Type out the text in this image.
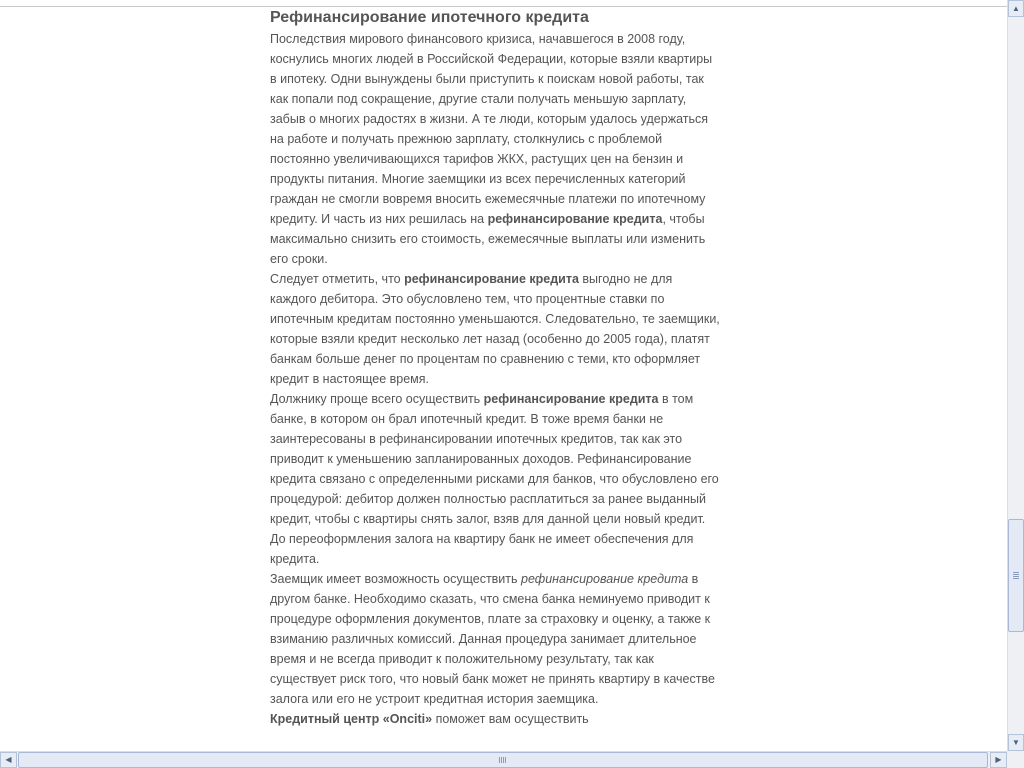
Рефинансирование ипотечного кредита

Последствия мирового финансового кризиса, начавшегося в 2008 году, коснулись многих людей в Российской Федерации, которые взяли квартиры в ипотеку. Одни вынуждены были приступить к поискам новой работы, так как попали под сокращение, другие стали получать меньшую зарплату, забыв о многих радостях в жизни. А те люди, которым удалось удержаться на работе и получать прежнюю зарплату, столкнулись с проблемой постоянно увеличивающихся тарифов ЖКХ, растущих цен на бензин и продукты питания. Многие заемщики из всех перечисленных категорий граждан не смогли вовремя вносить ежемесячные платежи по ипотечному кредиту. И часть из них решилась на рефинансирование кредита, чтобы максимально снизить его стоимость, ежемесячные выплаты или изменить его сроки.

Следует отметить, что рефинансирование кредита выгодно не для каждого дебитора. Это обусловлено тем, что процентные ставки по ипотечным кредитам постоянно уменьшаются. Следовательно, те заемщики, которые взяли кредит несколько лет назад (особенно до 2005 года), платят банкам больше денег по процентам по сравнению с теми, кто оформляет кредит в настоящее время.

Должнику проще всего осуществить рефинансирование кредита в том банке, в котором он брал ипотечный кредит. В тоже время банки не заинтересованы в рефинансировании ипотечных кредитов, так как это приводит к уменьшению запланированных доходов. Рефинансирование кредита связано с определенными рисками для банков, что обусловлено его процедурой: дебитор должен полностью расплатиться за ранее выданный кредит, чтобы с квартиры снять залог, взяв для данной цели новый кредит. До переоформления залога на квартиру банк не имеет обеспечения для кредита.

Заемщик имеет возможность осуществить рефинансирование кредита в другом банке. Необходимо сказать, что смена банка неминуемо приводит к процедуре оформления документов, плате за страховку и оценку, а также к взиманию различных комиссий. Данная процедура занимает длительное время и не всегда приводит к положительному результату, так как существует риск того, что новый банк может не принять квартиру в качестве залога или его не устроит кредитная история заемщика.

Кредитный центр «Onciti» поможет вам осуществить

▲
▼
◀	▶
